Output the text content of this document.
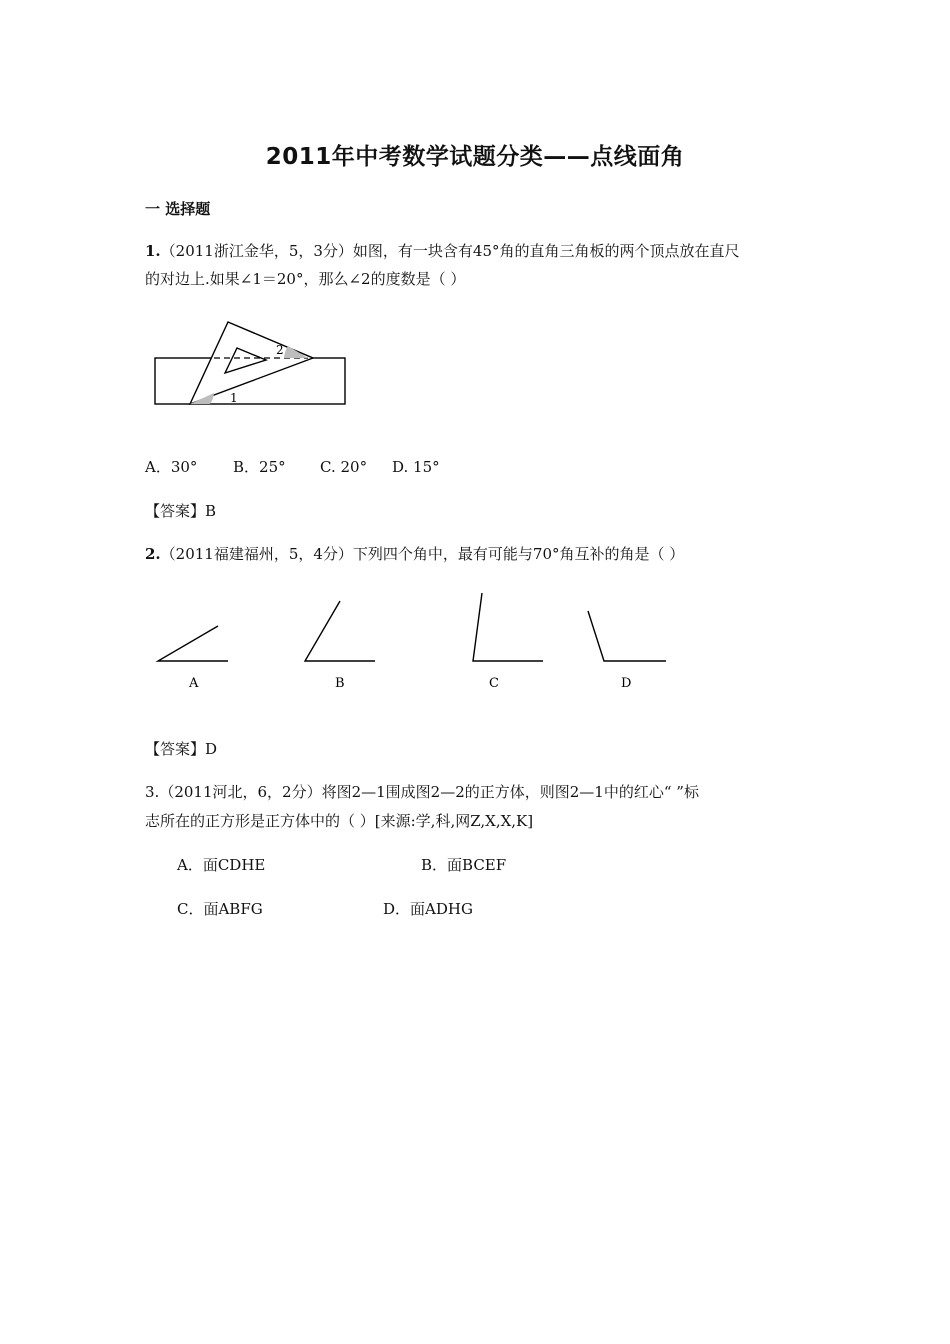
2011年中考数学试题分类——点线面角
一 选择题
1.（2011浙江金华，5，3分）如图，有一块含有45°角的直角三角板的两个顶点放在直尺
的对边上.如果∠1＝20°，那么∠2的度数是（ ）
1
2
A．30° B．25° C. 20° D. 15°
【答案】B
2.（2011福建福州，5，4分）下列四个角中，最有可能与70°角互补的角是（ ）
A	B	C	D
【答案】D
3.（2011河北，6，2分）将图2—1围成图2—2的正方体，则图2—1中的红心“ ”标
志所在的正方形是正方体中的（ ）[来源:学,科,网Z,X,X,K]
A．面CDHE	B．面BCEF
C．面ABFG	D．面ADHG
